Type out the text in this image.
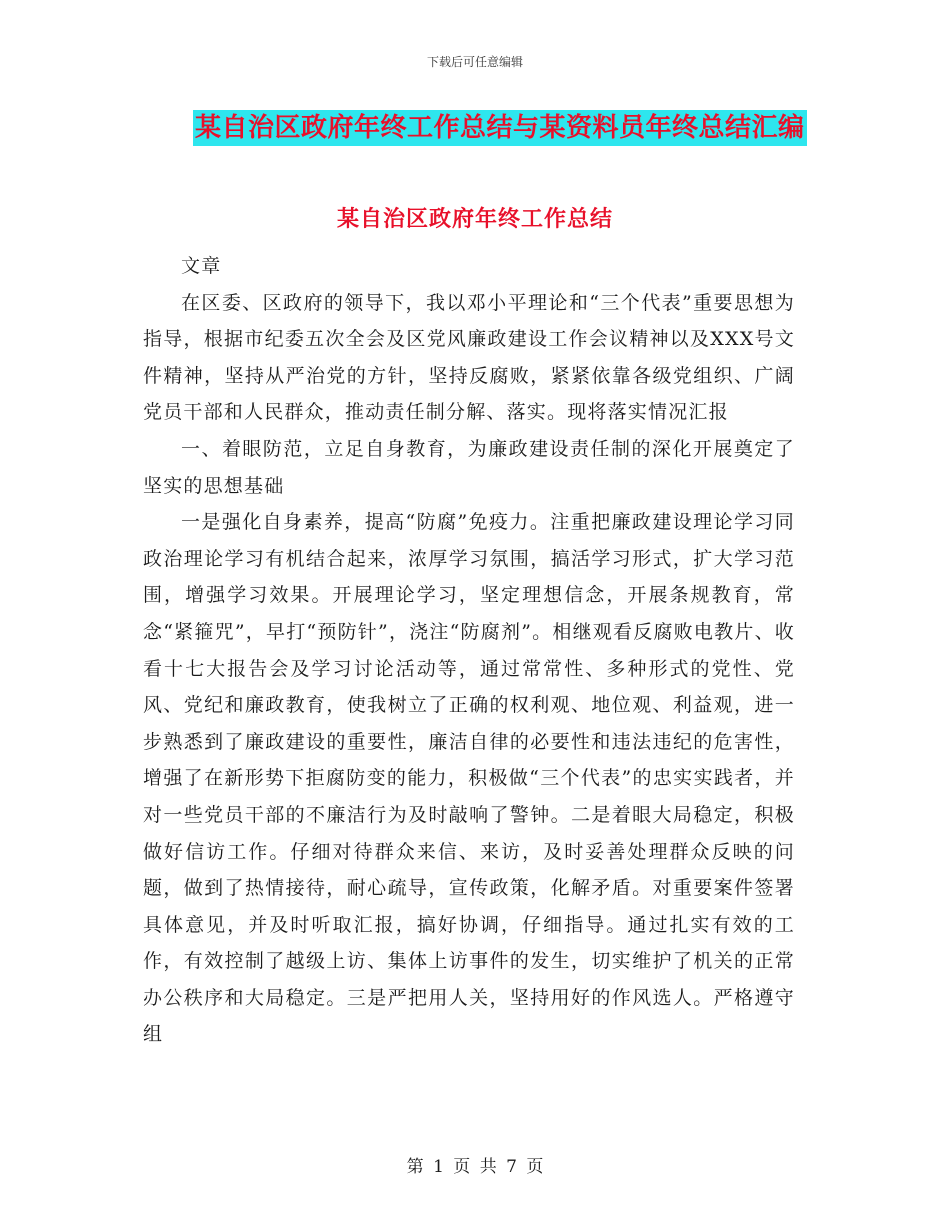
下载后可任意编辑
某自治区政府年终工作总结与某资料员年终总结汇编
某自治区政府年终工作总结

文章

在区委、区政府的领导下，我以邓小平理论和“三个代表”重要思想为指导，根据市纪委五次全会及区党风廉政建设工作会议精神以及XXX号文件精神，坚持从严治党的方针，坚持反腐败，紧紧依靠各级党组织、广阔党员干部和人民群众，推动责任制分解、落实。现将落实情况汇报

一、着眼防范，立足自身教育，为廉政建设责任制的深化开展奠定了坚实的思想基础

一是强化自身素养，提高“防腐”免疫力。注重把廉政建设理论学习同政治理论学习有机结合起来，浓厚学习氛围，搞活学习形式，扩大学习范围，增强学习效果。开展理论学习，坚定理想信念，开展条规教育，常念“紧箍咒”，早打“预防针”，浇注“防腐剂”。相继观看反腐败电教片、收看十七大报告会及学习讨论活动等，通过常常性、多种形式的党性、党风、党纪和廉政教育，使我树立了正确的权利观、地位观、利益观，进一步熟悉到了廉政建设的重要性，廉洁自律的必要性和违法违纪的危害性，增强了在新形势下拒腐防变的能力，积极做“三个代表”的忠实实践者，并对一些党员干部的不廉洁行为及时敲响了警钟。二是着眼大局稳定，积极做好信访工作。仔细对待群众来信、来访，及时妥善处理群众反映的问题，做到了热情接待，耐心疏导，宣传政策，化解矛盾。对重要案件签署具体意见，并及时听取汇报，搞好协调，仔细指导。通过扎实有效的工作，有效控制了越级上访、集体上访事件的发生，切实维护了机关的正常办公秩序和大局稳定。三是严把用人关，坚持用好的作风选人。严格遵守组

第 1 页 共 7 页
